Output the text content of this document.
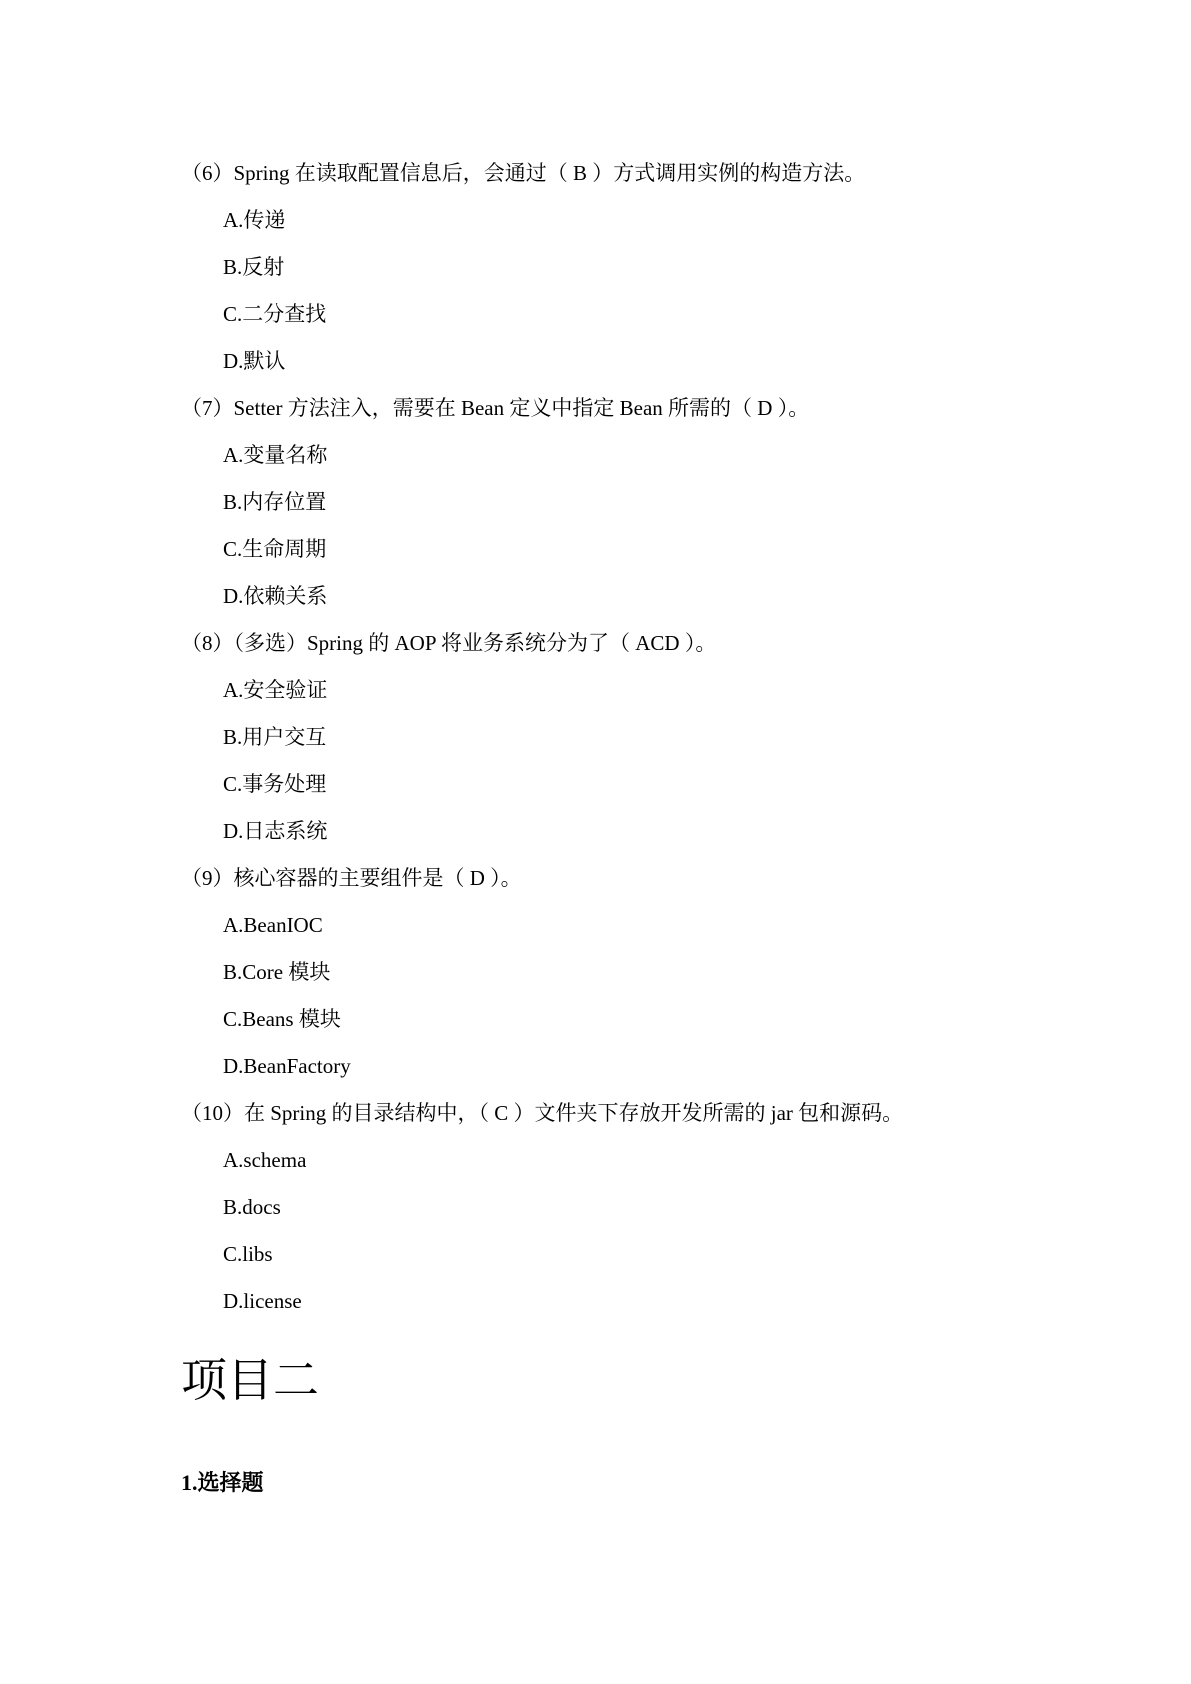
（6）Spring 在读取配置信息后，会通过（ B ）方式调用实例的构造方法。
A.传递
B.反射
C.二分查找
D.默认
（7）Setter 方法注入，需要在 Bean 定义中指定 Bean 所需的（ D ）。
A.变量名称
B.内存位置
C.生命周期
D.依赖关系
（8）（多选）Spring 的 AOP 将业务系统分为了（ ACD ）。
A.安全验证
B.用户交互
C.事务处理
D.日志系统
（9）核心容器的主要组件是（ D ）。
A.BeanIOC
B.Core 模块
C.Beans 模块
D.BeanFactory
（10）在 Spring 的目录结构中，（ C ）文件夹下存放开发所需的 jar 包和源码。
A.schema
B.docs
C.libs
D.license
项目二
1.选择题
